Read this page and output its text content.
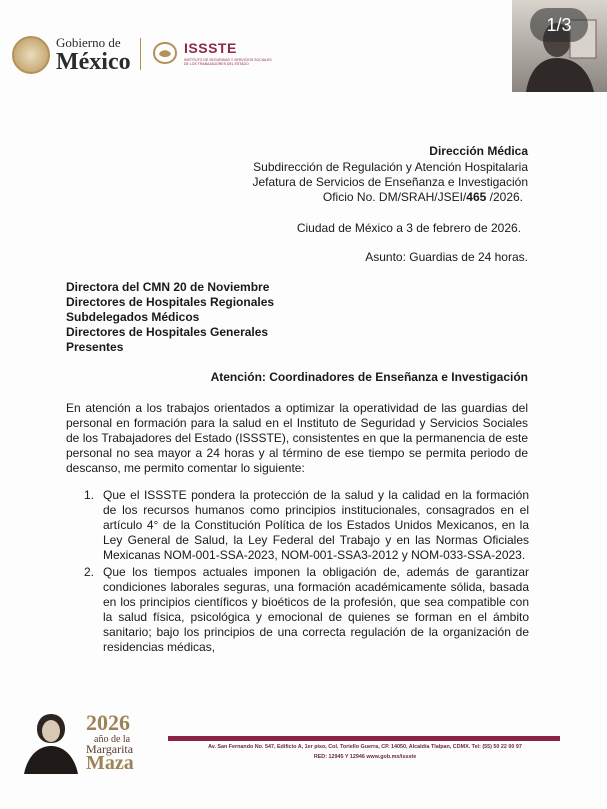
Gobierno de
México
ISSSTE
INSTITUTO DE SEGURIDAD Y SERVICIOS SOCIALES DE LOS TRABAJADORES DEL ESTADO
1/3
Dirección Médica
Subdirección de Regulación y Atención Hospitalaria
Jefatura de Servicios de Enseñanza e Investigación
Oficio No. DM/SRAH/JSEI/465 /2026.
Ciudad de México a 3 de febrero de 2026.
Asunto: Guardias de 24 horas.
Directora del CMN 20 de Noviembre
Directores de Hospitales Regionales
Subdelegados Médicos
Directores de Hospitales Generales
Presentes
Atención: Coordinadores de Enseñanza e Investigación
En atención a los trabajos orientados a optimizar la operatividad de las guardias del personal en formación para la salud en el Instituto de Seguridad y Servicios Sociales de los Trabajadores del Estado (ISSSTE), consistentes en que la permanencia de este personal no sea mayor a 24 horas y al término de ese tiempo se permita periodo de descanso, me permito comentar lo siguiente:
1. Que el ISSSTE pondera la protección de la salud y la calidad en la formación de los recursos humanos como principios institucionales, consagrados en el artículo 4° de la Constitución Política de los Estados Unidos Mexicanos, en la Ley General de Salud, la Ley Federal del Trabajo y en las Normas Oficiales Mexicanas NOM-001-SSA-2023, NOM-001-SSA3-2012 y NOM-033-SSA-2023.
2. Que los tiempos actuales imponen la obligación de, además de garantizar condiciones laborales seguras, una formación académicamente sólida, basada en los principios científicos y bioéticos de la profesión, que sea compatible con la salud física, psicológica y emocional de quienes se forman en el ámbito sanitario; bajo los principios de una correcta regulación de la organización de residencias médicas,
2026
año de la
Margarita
Maza
Av. San Fernando No. 547, Edificio A, 1er piso, Col. Toriello Guerra, CP. 14050, Alcaldía Tlalpan, CDMX. Tel: (55) 50 22 00 97
RED: 12945 Y 12946 www.gob.mx/issste
